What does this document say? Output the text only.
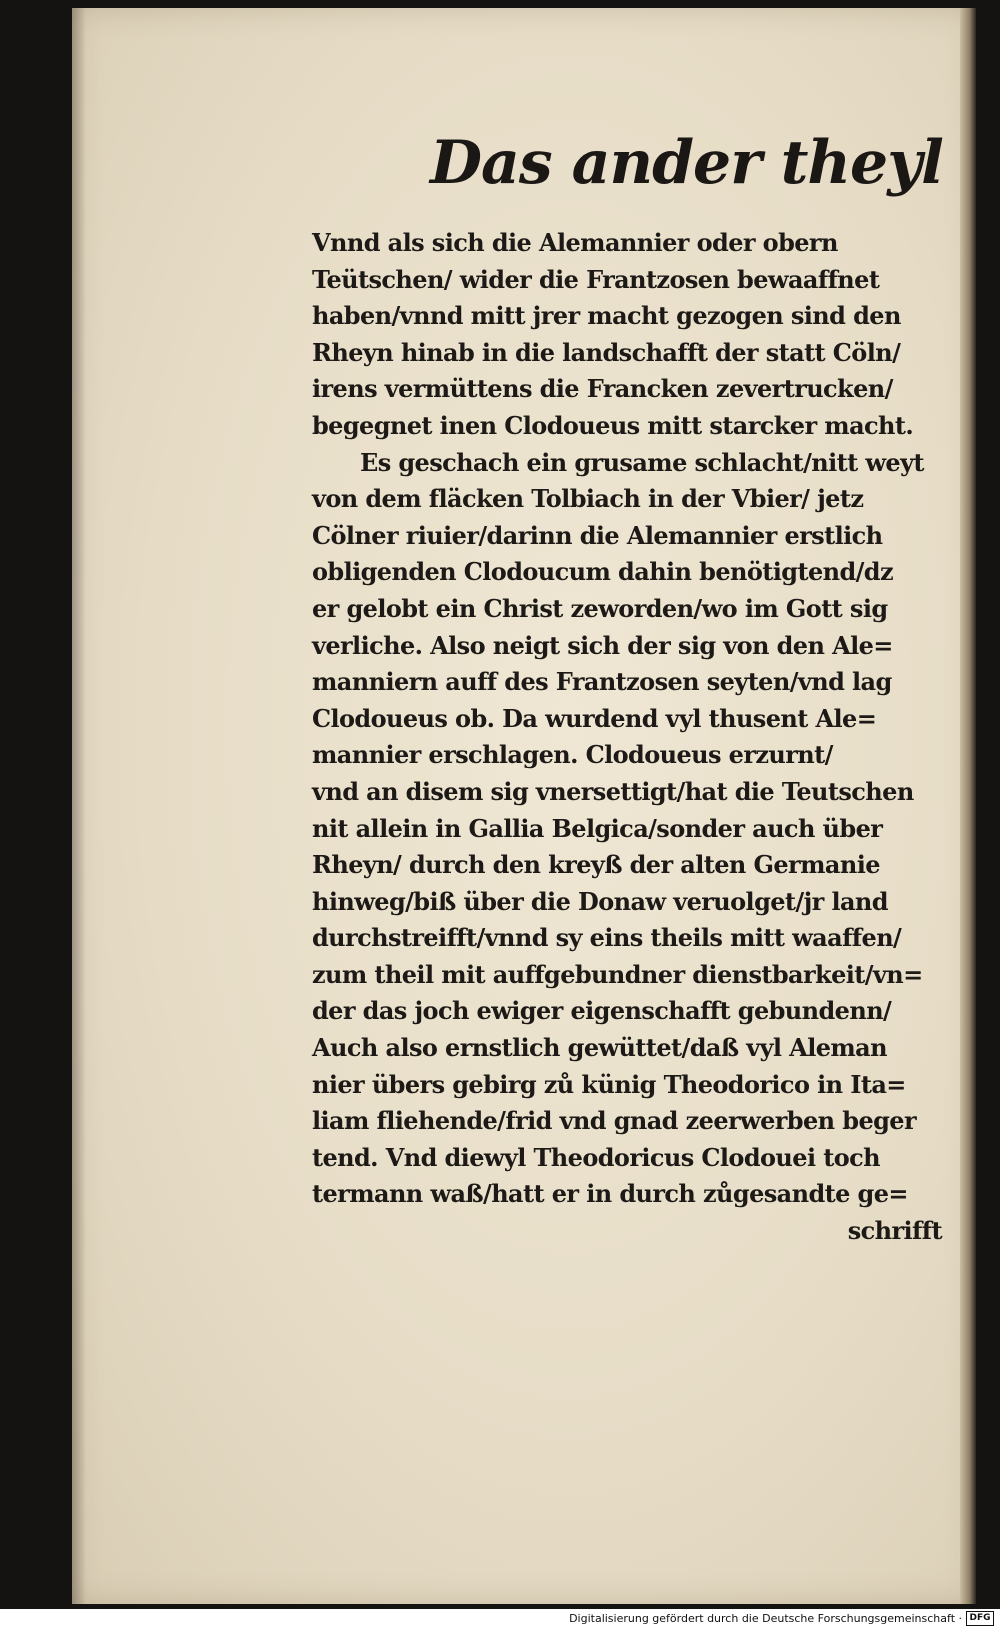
Das ander theyl
Vnnd als sich die Alemannier oder obern
Teütschen/ wider die Frantzosen bewaaffnet
haben/vnnd mitt jrer macht gezogen sind den
Rheyn hinab in die landschafft der statt Cöln/
irens vermüttens die Francken zevertrucken/
begegnet inen Clodoueus mitt starcker macht.
Es geschach ein grusame schlacht/nitt weyt
von dem fläcken Tolbiach in der Vbier/ jetz
Cölner riuier/darinn die Alemannier erstlich
obligenden Clodoucum dahin benötigtend/dz
er gelobt ein Christ zeworden/wo im Gott sig
verliche. Also neigt sich der sig von den Ale=
manniern auff des Frantzosen seyten/vnd lag
Clodoueus ob. Da wurdend vyl thusent Ale=
mannier erschlagen. Clodoueus erzurnt/
vnd an disem sig vnersettigt/hat die Teutschen
nit allein in Gallia Belgica/sonder auch über
Rheyn/ durch den kreyß der alten Germanie
hinweg/biß über die Donaw veruolget/jr land
durchstreifft/vnnd sy eins theils mitt waaffen/
zum theil mit auffgebundner dienstbarkeit/vn=
der das joch ewiger eigenschafft gebundenn/
Auch also ernstlich gewüttet/daß vyl Aleman
nier übers gebirg zů künig Theodorico in Ita=
liam fliehende/frid vnd gnad zeerwerben beger
tend. Vnd diewyl Theodoricus Clodouei toch
termann waß/hatt er in durch zůgesandte ge=
schrifft
Digitalisierung gefördert durch die Deutsche Forschungsgemeinschaft · DFG
